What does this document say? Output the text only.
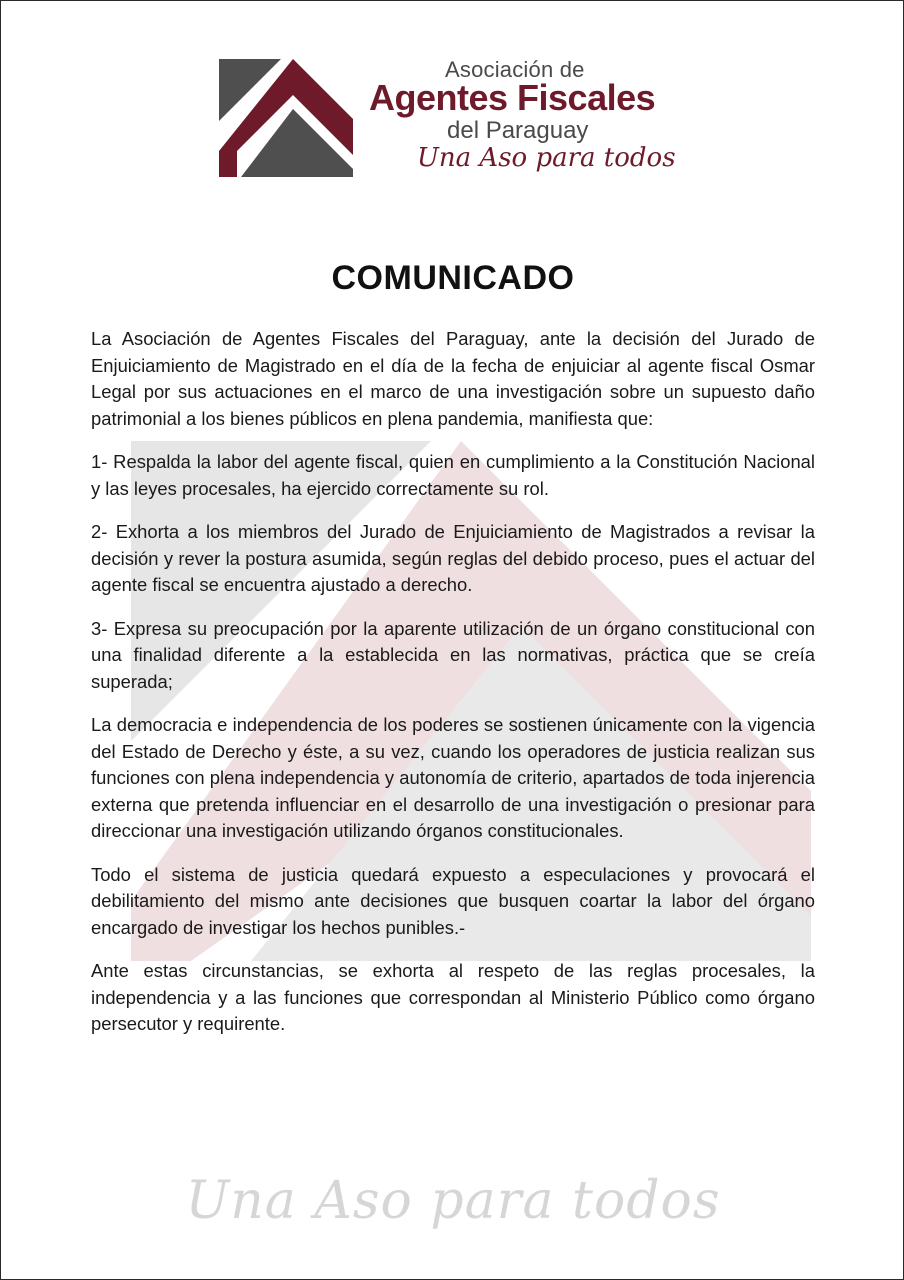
Asociación de
Agentes Fiscales
del Paraguay
Una Aso para todos
COMUNICADO

La Asociación de Agentes Fiscales del Paraguay, ante la decisión del Jurado de Enjuiciamiento de Magistrado en el día de la fecha de enjuiciar al agente fiscal Osmar Legal por sus actuaciones en el marco de una investigación sobre un supuesto daño patrimonial a los bienes públicos en plena pandemia, manifiesta que:

1- Respalda la labor del agente fiscal, quien en cumplimiento a la Constitución Nacional y las leyes procesales, ha ejercido correctamente su rol.

2- Exhorta a los miembros del Jurado de Enjuiciamiento de Magistrados a revisar la decisión y rever la postura asumida, según reglas del debido proceso, pues el actuar del agente fiscal se encuentra ajustado a derecho.

3- Expresa su preocupación por la aparente utilización de un órgano constitucional con una finalidad diferente a la establecida en las normativas, práctica que se creía superada;

La democracia e independencia de los poderes se sostienen únicamente con la vigencia del Estado de Derecho y éste, a su vez, cuando los operadores de justicia realizan sus funciones con plena independencia y autonomía de criterio, apartados de toda injerencia externa que pretenda influenciar en el desarrollo de una investigación o presionar para direccionar una investigación utilizando órganos constitucionales.

Todo el sistema de justicia quedará expuesto a especulaciones y provocará el debilitamiento del mismo ante decisiones que busquen coartar la labor del órgano encargado de investigar los hechos punibles.-

Ante estas circunstancias, se exhorta al respeto de las reglas procesales, la independencia y a las funciones que correspondan al Ministerio Público como órgano persecutor y requirente.

Una Aso para todos
